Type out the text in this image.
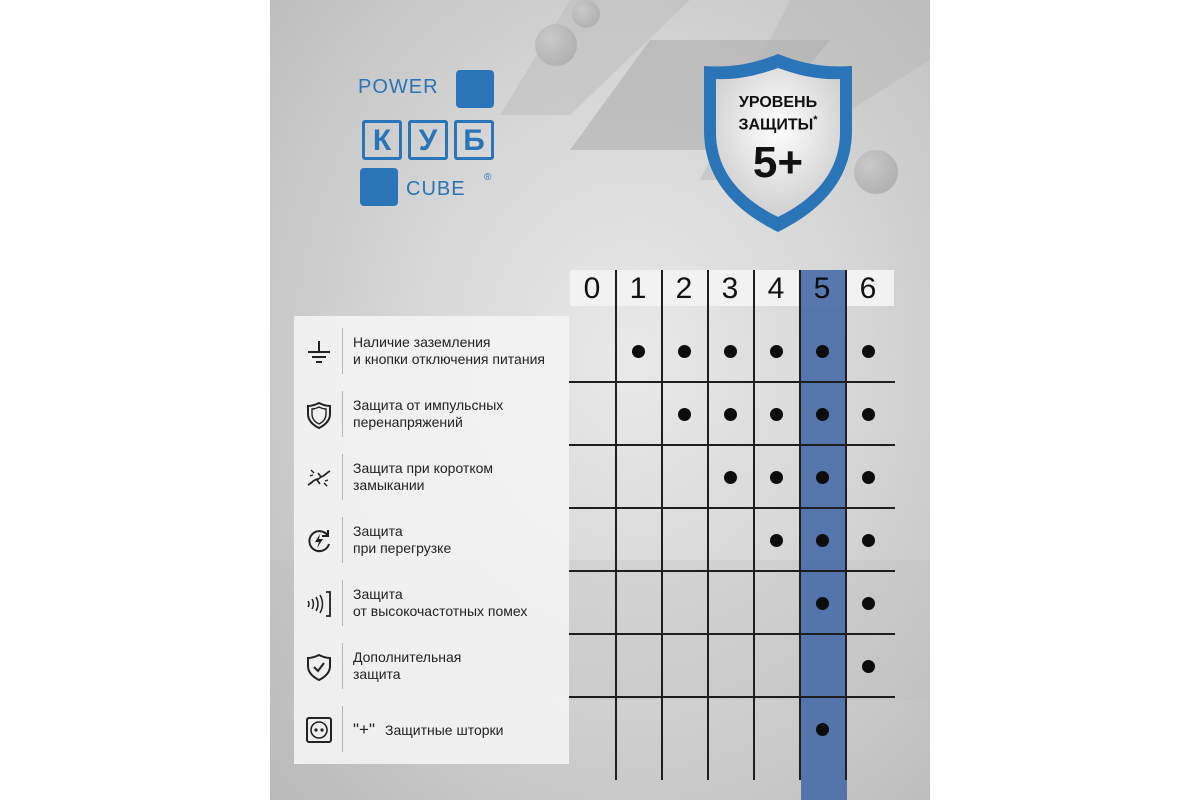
POWER
К У Б
CUBE
®
УРОВЕНЬ
ЗАЩИТЫ*
5+
0 1 2 3 4 5 6
Наличие заземления
и кнопки отключения питания
Защита от импульсных
перенапряжений
Защита при коротком
замыкании
Защита
при перегрузке
Защита
от высокочастотных помех
Дополнительная
защита
"+" Защитные шторки
